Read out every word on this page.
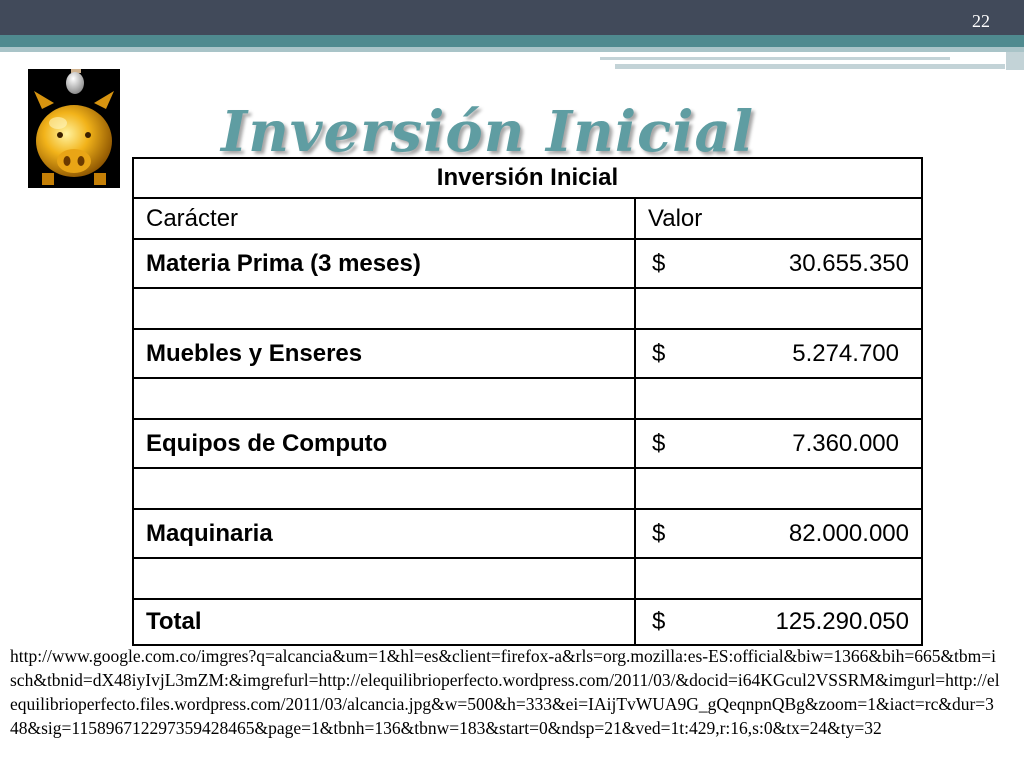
22
Inversión Inicial
Inversión Inicial	
Carácter	Valor
Materia Prima (3 meses)	$ 30.655.350

Muebles y Enseres	$ 5.274.700

Equipos de Computo	$ 7.360.000

Maquinaria	$ 82.000.000

Total	$ 125.290.050

http://www.google.com.co/imgres?q=alcancia&um=1&hl=es&client=firefox-a&rls=org.mozilla:es-ES:official&biw=1366&bih=665&tbm=isch&tbnid=dX48iyIvjL3mZM:&imgrefurl=http://elequilibrioperfecto.wordpress.com/2011/03/&docid=i64KGcul2VSSRM&imgurl=http://elequilibrioperfecto.files.wordpress.com/2011/03/alcancia.jpg&w=500&h=333&ei=IAijTvWUA9G_gQeqnpnQBg&zoom=1&iact=rc&dur=348&sig=115896712297359428465&page=1&tbnh=136&tbnw=183&start=0&ndsp=21&ved=1t:429,r:16,s:0&tx=24&ty=32
